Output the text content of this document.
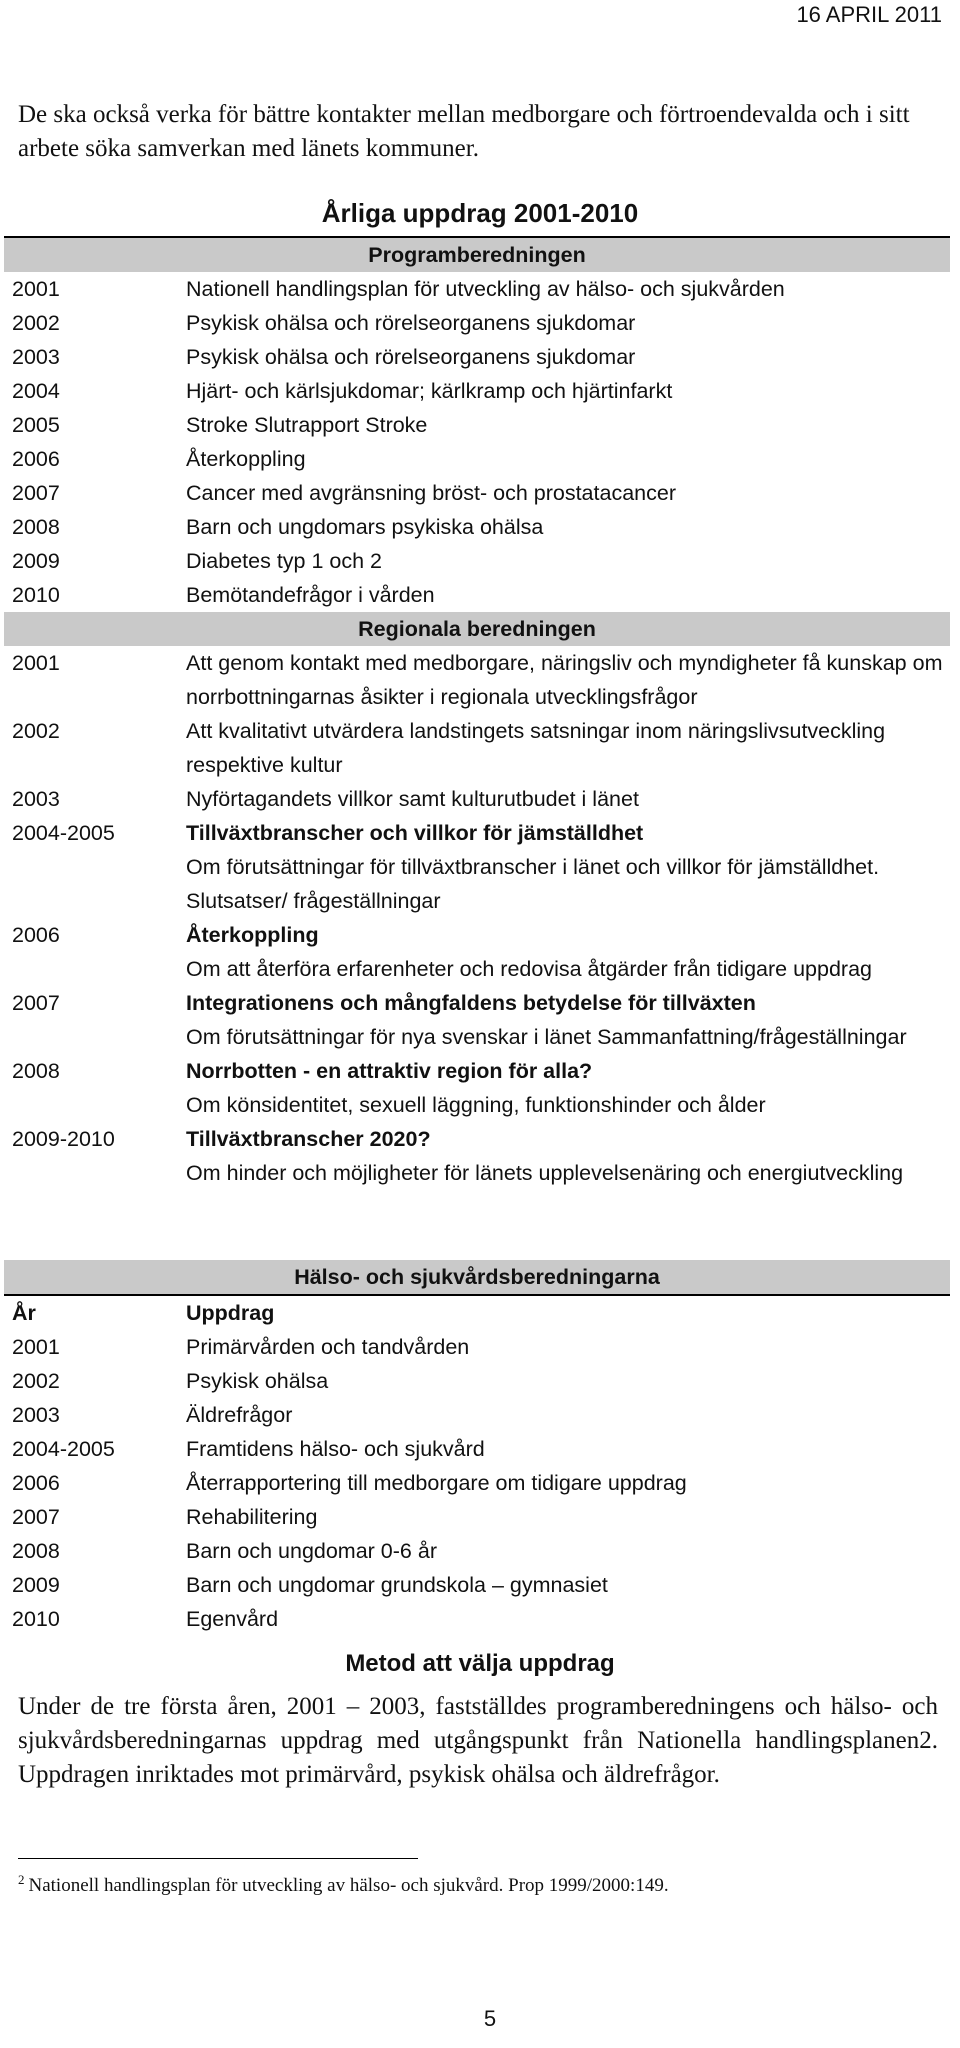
16 APRIL 2011
De ska också verka för bättre kontakter mellan medborgare och förtroendevalda och i sitt arbete söka samverkan med länets kommuner.
Årliga uppdrag 2001-2010
Programberedningen	
2001	Nationell handlingsplan för utveckling av hälso- och sjukvården
2002	Psykisk ohälsa och rörelseorganens sjukdomar
2003	Psykisk ohälsa och rörelseorganens sjukdomar
2004	Hjärt- och kärlsjukdomar; kärlkramp och hjärtinfarkt
2005	Stroke Slutrapport Stroke
2006	Återkoppling
2007	Cancer med avgränsning bröst- och prostatacancer
2008	Barn och ungdomars psykiska ohälsa
2009	Diabetes typ 1 och 2
2010	Bemötandefrågor i vården
Regionala beredningen	
2001	Att genom kontakt med medborgare, näringsliv och myndigheter få kunskap om norrbottningarnas åsikter i regionala utvecklingsfrågor

2002	Att kvalitativt utvärdera landstingets satsningar inom näringslivsutveckling respektive kultur

2003	Nyförtagandets villkor samt kulturutbudet i länet

2004-2005	Tillväxtbranscher och villkor för jämställdhet
Om förutsättningar för tillväxtbranscher i länet och villkor för jämställdhet. Slutsatser/ frågeställningar

2006	Återkoppling
Om att återföra erfarenheter och redovisa åtgärder från tidigare uppdrag

2007	Integrationens och mångfaldens betydelse för tillväxten
Om förutsättningar för nya svenskar i länet Sammanfattning/frågeställningar

2008	Norrbotten - en attraktiv region för alla?
Om könsidentitet, sexuell läggning, funktionshinder och ålder

2009-2010	Tillväxtbranscher 2020?
Om hinder och möjligheter för länets upplevelsenäring och energiutveckling
Hälso- och sjukvårdsberedningarna	
År	Uppdrag
2001	Primärvården och tandvården
2002	Psykisk ohälsa
2003	Äldrefrågor
2004-2005	Framtidens hälso- och sjukvård
2006	Återrapportering till medborgare om tidigare uppdrag
2007	Rehabilitering
2008	Barn och ungdomar 0-6 år
2009	Barn och ungdomar grundskola – gymnasiet
2010	Egenvård
Metod att välja uppdrag
Under de tre första åren, 2001 – 2003, fastställdes programberedningens och hälso- och sjukvårdsberedningarnas uppdrag med utgångspunkt från Nationella handlingsplanen2. Uppdragen inriktades mot primärvård, psykisk ohälsa och äldrefrågor.
$^2$ Nationell handlingsplan för utveckling av hälso- och sjukvård. Prop 1999/2000:149.
5
